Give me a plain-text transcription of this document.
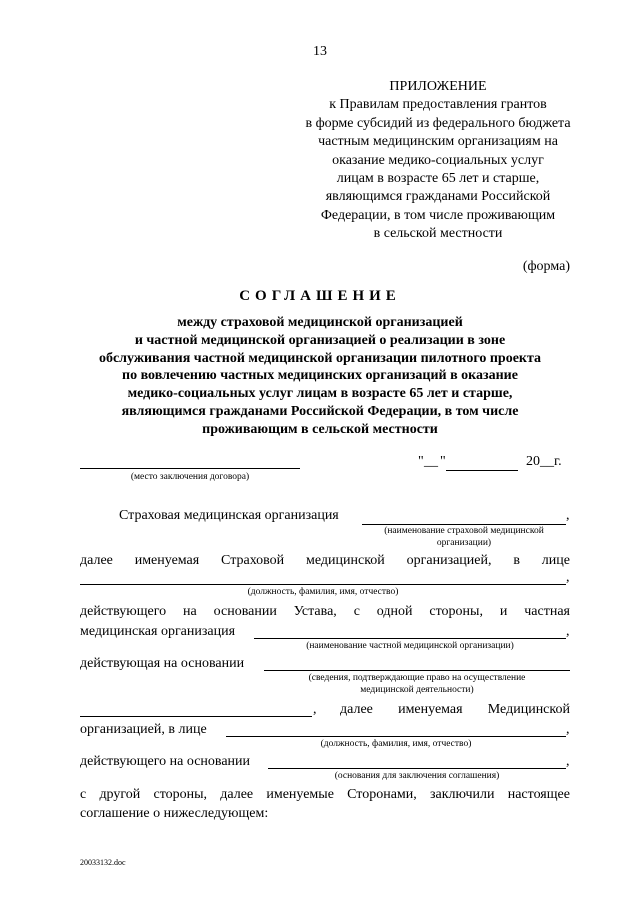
13
ПРИЛОЖЕНИЕ
к Правилам предоставления грантов
в форме субсидий из федерального бюджета
частным медицинским организациям на
оказание медико-социальных услуг
лицам в возрасте 65 лет и старше,
являющимся гражданами Российской
Федерации, в том числе проживающим
в сельской местности
(форма)
СОГЛАШЕНИЕ
между страховой медицинской организацией
и частной медицинской организацией о реализации в зоне
обслуживания частной медицинской организации пилотного проекта
по вовлечению частных медицинских организаций в оказание
медико-социальных услуг лицам в возрасте 65 лет и старше,
являющимся гражданами Российской Федерации, в том числе
проживающим в сельской местности
(место заключения договора)
" __ "	20 __ г.
Страховая медицинская организация	,
(наименование страховой медицинской
организации)
далее именуемая Страховой медицинской организацией, в лице
,
(должность, фамилия, имя, отчество)
действующего на основании Устава, с одной стороны, и частная
медицинская организация	,
(наименование частной медицинской организации)
действующая на основании
(сведения, подтверждающие право на осуществление
медицинской деятельности)
, далее именуемая Медицинской
организацией, в лице	,
(должность, фамилия, имя, отчество)
действующего на основании	,
(основания для заключения соглашения)
с другой стороны, далее именуемые Сторонами, заключили настоящее
соглашение о нижеследующем:
20033132.doc
